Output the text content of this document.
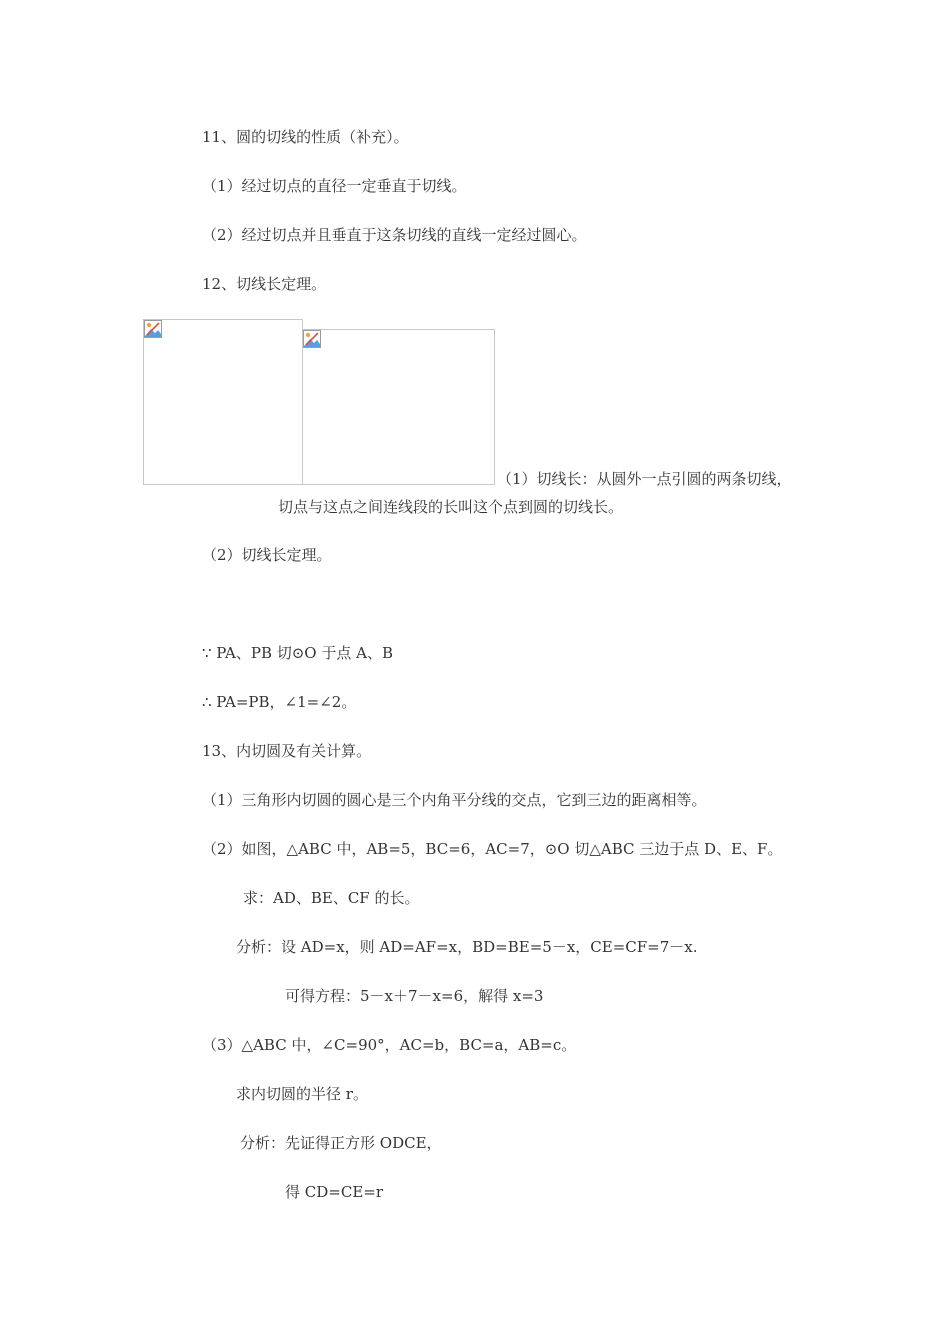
11、圆的切线的性质（补充）。
（1）经过切点的直径一定垂直于切线。
（2）经过切点并且垂直于这条切线的直线一定经过圆心。
12、切线长定理。
（1）切线长：从圆外一点引圆的两条切线，
切点与这点之间连线段的长叫这个点到圆的切线长。
（2）切线长定理。
∵ PA、PB 切⊙O 于点 A、B
∴ PA=PB，∠1=∠2。
13、内切圆及有关计算。
（1）三角形内切圆的圆心是三个内角平分线的交点，它到三边的距离相等。
（2）如图，△ABC 中，AB=5，BC=6，AC=7，⊙O 切△ABC 三边于点 D、E、F。
求：AD、BE、CF 的长。
分析：设 AD=x，则 AD=AF=x，BD=BE=5－x，CE=CF=7－x.
可得方程：5－x＋7－x=6，解得 x=3
（3）△ABC 中，∠C=90°，AC=b，BC=a，AB=c。
求内切圆的半径 r。
分析：先证得正方形 ODCE，
得 CD=CE=r
